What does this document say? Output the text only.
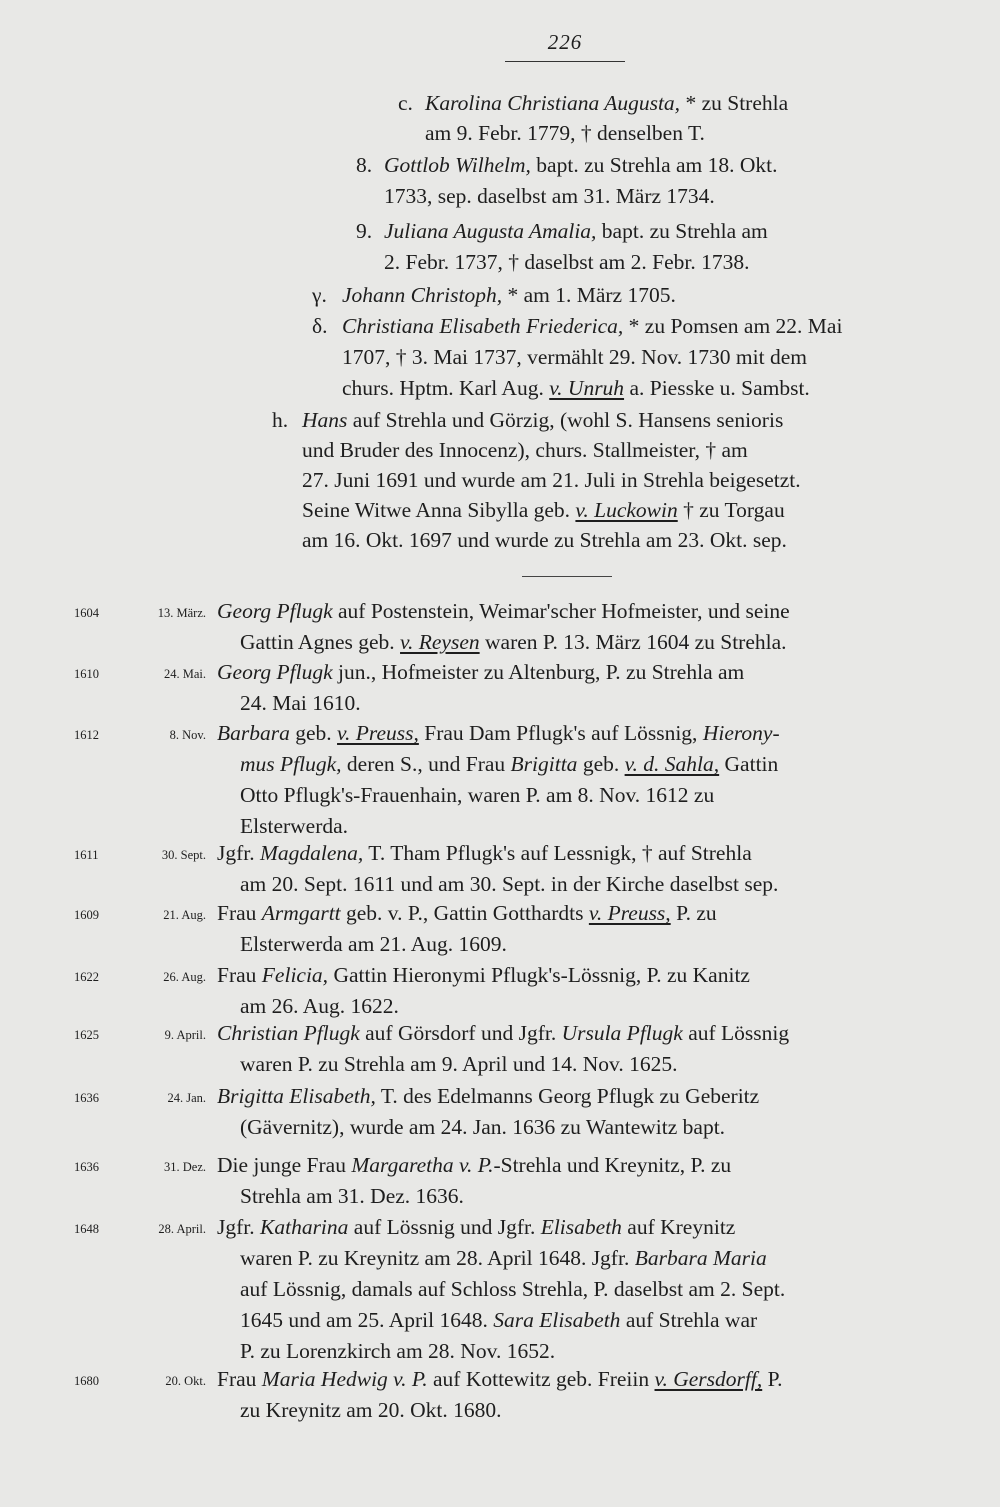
226
c. Karolina Christiana Augusta, * zu Strehla
am 9. Febr. 1779, † denselben T.
8. Gottlob Wilhelm, bapt. zu Strehla am 18. Okt.
1733, sep. daselbst am 31. März 1734.
9. Juliana Augusta Amalia, bapt. zu Strehla am
2. Febr. 1737, † daselbst am 2. Febr. 1738.
γ. Johann Christoph, * am 1. März 1705.
δ. Christiana Elisabeth Friederica, * zu Pomsen am 22. Mai
1707, † 3. Mai 1737, vermählt 29. Nov. 1730 mit dem
churs. Hptm. Karl Aug. v. Unruh a. Piesske u. Sambst.
h. Hans auf Strehla und Görzig, (wohl S. Hansens senioris
und Bruder des Innocenz), churs. Stallmeister, † am
27. Juni 1691 und wurde am 21. Juli in Strehla beigesetzt.
Seine Witwe Anna Sibylla geb. v. Luckowin † zu Torgau
am 16. Okt. 1697 und wurde zu Strehla am 23. Okt. sep.
1604	13. März. Georg Pflugk auf Postenstein, Weimar'scher Hofmeister, und seine
Gattin Agnes geb. v. Reysen waren P. 13. März 1604 zu Strehla.
1610	24. Mai. Georg Pflugk jun., Hofmeister zu Altenburg, P. zu Strehla am
24. Mai 1610.
1612	8. Nov. Barbara geb. v. Preuss, Frau Dam Pflugk's auf Lössnig, Hierony-
mus Pflugk, deren S., und Frau Brigitta geb. v. d. Sahla, Gattin
Otto Pflugk's-Frauenhain, waren P. am 8. Nov. 1612 zu
Elsterwerda.
1611	30. Sept. Jgfr. Magdalena, T. Tham Pflugk's auf Lessnigk, † auf Strehla
am 20. Sept. 1611 und am 30. Sept. in der Kirche daselbst sep.
1609	21. Aug. Frau Armgartt geb. v. P., Gattin Gotthardts v. Preuss, P. zu
Elsterwerda am 21. Aug. 1609.
1622	26. Aug. Frau Felicia, Gattin Hieronymi Pflugk's-Lössnig, P. zu Kanitz
am 26. Aug. 1622.
1625	9. April. Christian Pflugk auf Görsdorf und Jgfr. Ursula Pflugk auf Lössnig
waren P. zu Strehla am 9. April und 14. Nov. 1625.
1636	24. Jan. Brigitta Elisabeth, T. des Edelmanns Georg Pflugk zu Geberitz
(Gävernitz), wurde am 24. Jan. 1636 zu Wantewitz bapt.
1636	31. Dez. Die junge Frau Margaretha v. P.-Strehla und Kreynitz, P. zu
Strehla am 31. Dez. 1636.
1648	28. April. Jgfr. Katharina auf Lössnig und Jgfr. Elisabeth auf Kreynitz
waren P. zu Kreynitz am 28. April 1648. Jgfr. Barbara Maria
auf Lössnig, damals auf Schloss Strehla, P. daselbst am 2. Sept.
1645 und am 25. April 1648. Sara Elisabeth auf Strehla war
P. zu Lorenzkirch am 28. Nov. 1652.
1680	20. Okt. Frau Maria Hedwig v. P. auf Kottewitz geb. Freiin v. Gersdorff, P.
zu Kreynitz am 20. Okt. 1680.
